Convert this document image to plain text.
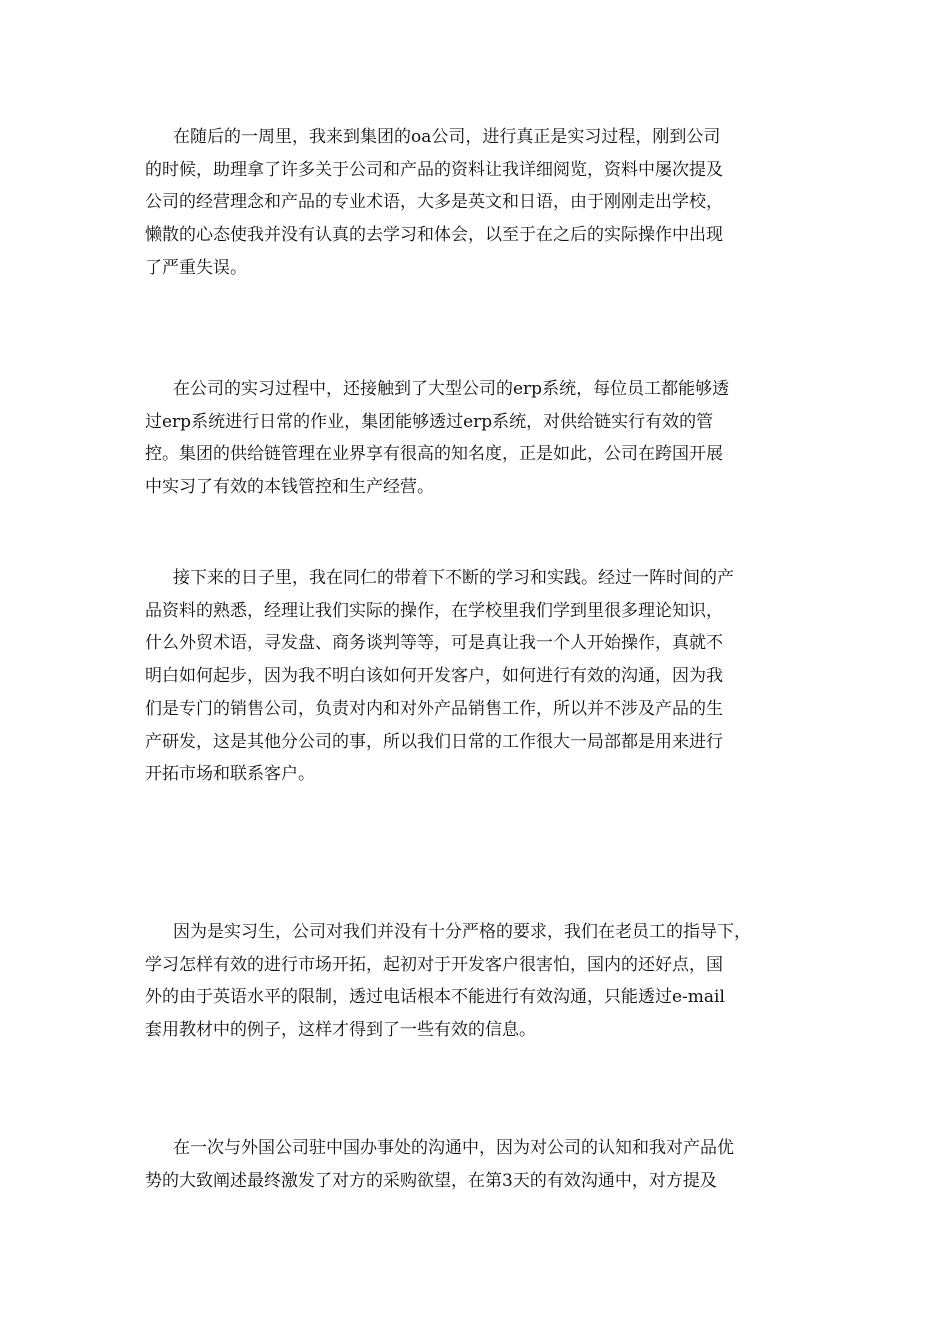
在随后的一周里，我来到集团的oa公司，进行真正是实习过程，刚到公司
的时候，助理拿了许多关于公司和产品的资料让我详细阅览，资料中屡次提及
公司的经营理念和产品的专业术语，大多是英文和日语，由于刚刚走出学校，
懒散的心态使我并没有认真的去学习和体会，以至于在之后的实际操作中出现
了严重失误。

在公司的实习过程中，还接触到了大型公司的erp系统，每位员工都能够透
过erp系统进行日常的作业，集团能够透过erp系统，对供给链实行有效的管
控。集团的供给链管理在业界享有很高的知名度，正是如此，公司在跨国开展
中实习了有效的本钱管控和生产经营。

接下来的日子里，我在同仁的带着下不断的学习和实践。经过一阵时间的产
品资料的熟悉，经理让我们实际的操作，在学校里我们学到里很多理论知识，
什么外贸术语，寻发盘、商务谈判等等，可是真让我一个人开始操作，真就不
明白如何起步，因为我不明白该如何开发客户，如何进行有效的沟通，因为我
们是专门的销售公司，负责对内和对外产品销售工作，所以并不涉及产品的生
产研发，这是其他分公司的事，所以我们日常的工作很大一局部都是用来进行
开拓市场和联系客户。

因为是实习生，公司对我们并没有十分严格的要求，我们在老员工的指导下，
学习怎样有效的进行市场开拓，起初对于开发客户很害怕，国内的还好点，国
外的由于英语水平的限制，透过电话根本不能进行有效沟通，只能透过e-mail
套用教材中的例子，这样才得到了一些有效的信息。

在一次与外国公司驻中国办事处的沟通中，因为对公司的认知和我对产品优
势的大致阐述最终激发了对方的采购欲望，在第3天的有效沟通中，对方提及
